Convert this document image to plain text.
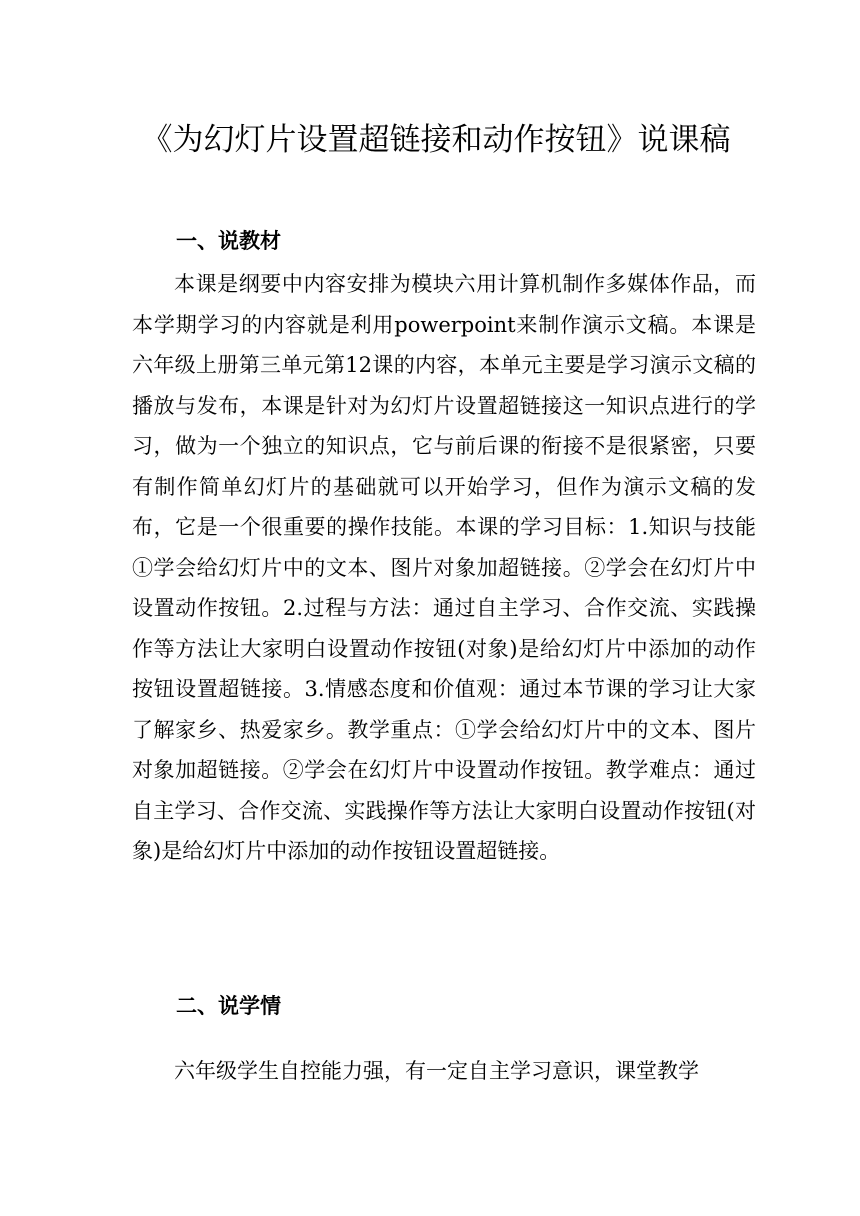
《为幻灯片设置超链接和动作按钮》说课稿
一、说教材

本课是纲要中内容安排为模块六用计算机制作多媒体作品，而本学期学习的内容就是利用powerpoint来制作演示文稿。本课是六年级上册第三单元第12课的内容，本单元主要是学习演示文稿的播放与发布，本课是针对为幻灯片设置超链接这一知识点进行的学习，做为一个独立的知识点，它与前后课的衔接不是很紧密，只要有制作简单幻灯片的基础就可以开始学习，但作为演示文稿的发布，它是一个很重要的操作技能。本课的学习目标：1.知识与技能①学会给幻灯片中的文本、图片对象加超链接。②学会在幻灯片中设置动作按钮。2.过程与方法：通过自主学习、合作交流、实践操作等方法让大家明白设置动作按钮(对象)是给幻灯片中添加的动作按钮设置超链接。3.情感态度和价值观：通过本节课的学习让大家了解家乡、热爱家乡。教学重点：①学会给幻灯片中的文本、图片对象加超链接。②学会在幻灯片中设置动作按钮。教学难点：通过自主学习、合作交流、实践操作等方法让大家明白设置动作按钮(对象)是给幻灯片中添加的动作按钮设置超链接。

二、说学情

六年级学生自控能力强，有一定自主学习意识，课堂教学
